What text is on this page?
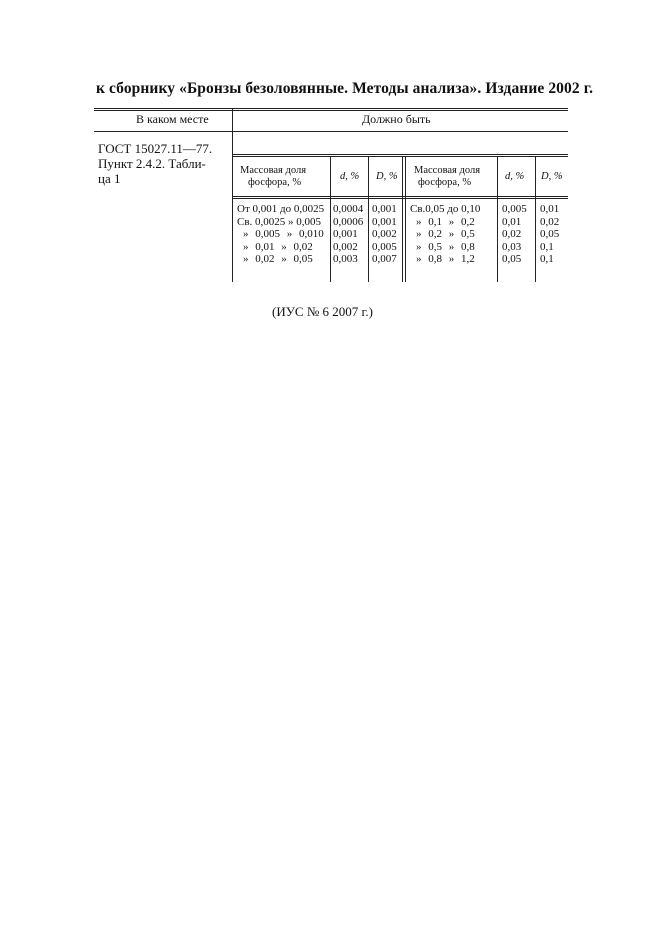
к сборнику «Бронзы безоловянные. Методы анализа». Издание 2002 г.
В каком месте	Должно быть
ГОСТ 15027.11—77.
Пункт 2.4.2. Табли-
ца 1
Массовая доля
фосфора, %
d, % D, %
Массовая доля
фосфора, %
d, % D, %
От 0,001 до 0,0025
Св. 0,0025 » 0,005
» 0,005 » 0,010
» 0,01 » 0,02
» 0,02 » 0,05
0,0004
0,0006
0,001
0,002
0,003
0,001
0,001
0,002
0,005
0,007
Св.0,05 до 0,10
» 0,1 » 0,2
» 0,2 » 0,5
» 0,5 » 0,8
» 0,8 » 1,2
0,005
0,01
0,02
0,03
0,05
0,01
0,02
0,05
0,1
0,1
(ИУС № 6 2007 г.)
